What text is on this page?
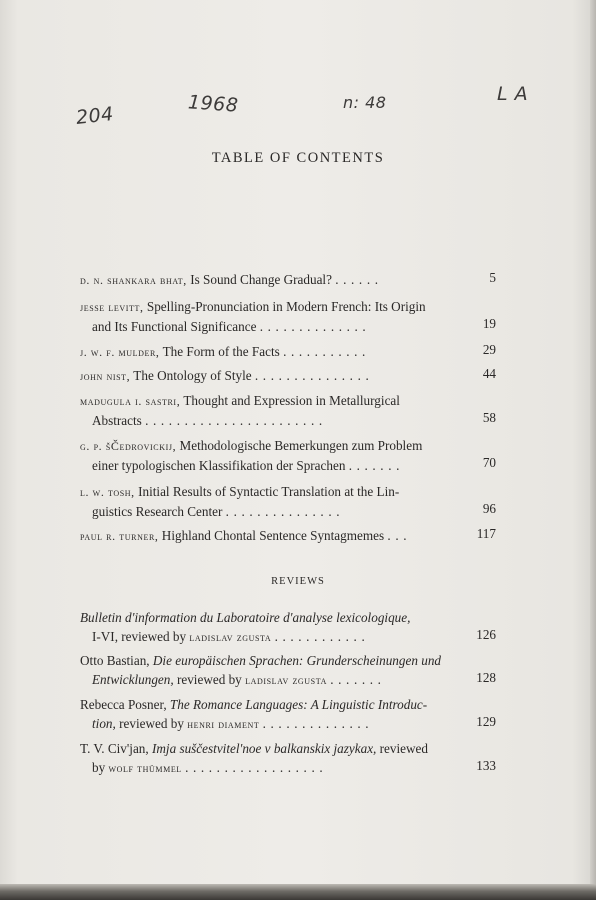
204	1968	n: 48	L A
TABLE OF CONTENTS
d. n. shankara bhat, Is Sound Change Gradual? ......	5
jesse levitt, Spelling-Pronunciation in Modern French: Its Origin
and Its Functional Significance ..............	19
j. w. f. mulder, The Form of the Facts ...........	29
john nist, The Ontology of Style ...............	44
madugula i. sastri, Thought and Expression in Metallurgical
Abstracts .......................	58
g. p. šČedrovickij, Methodologische Bemerkungen zum Problem
einer typologischen Klassifikation der Sprachen .......	70
l. w. tosh, Initial Results of Syntactic Translation at the Lin-
guistics Research Center ...............	96
paul r. turner, Highland Chontal Sentence Syntagmemes ...	117
REVIEWS
Bulletin d'information du Laboratoire d'analyse lexicologique,
I-VI, reviewed by ladislav zgusta ............	126
Otto Bastian, Die europäischen Sprachen: Grunderscheinungen und
Entwicklungen, reviewed by ladislav zgusta .......	128
Rebecca Posner, The Romance Languages: A Linguistic Introduc-
tion, reviewed by henri diament ..............	129
T. V. Civ'jan, Imja suščestvitel'noe v balkanskix jazykax, reviewed
by wolf thümmel ..................	133
